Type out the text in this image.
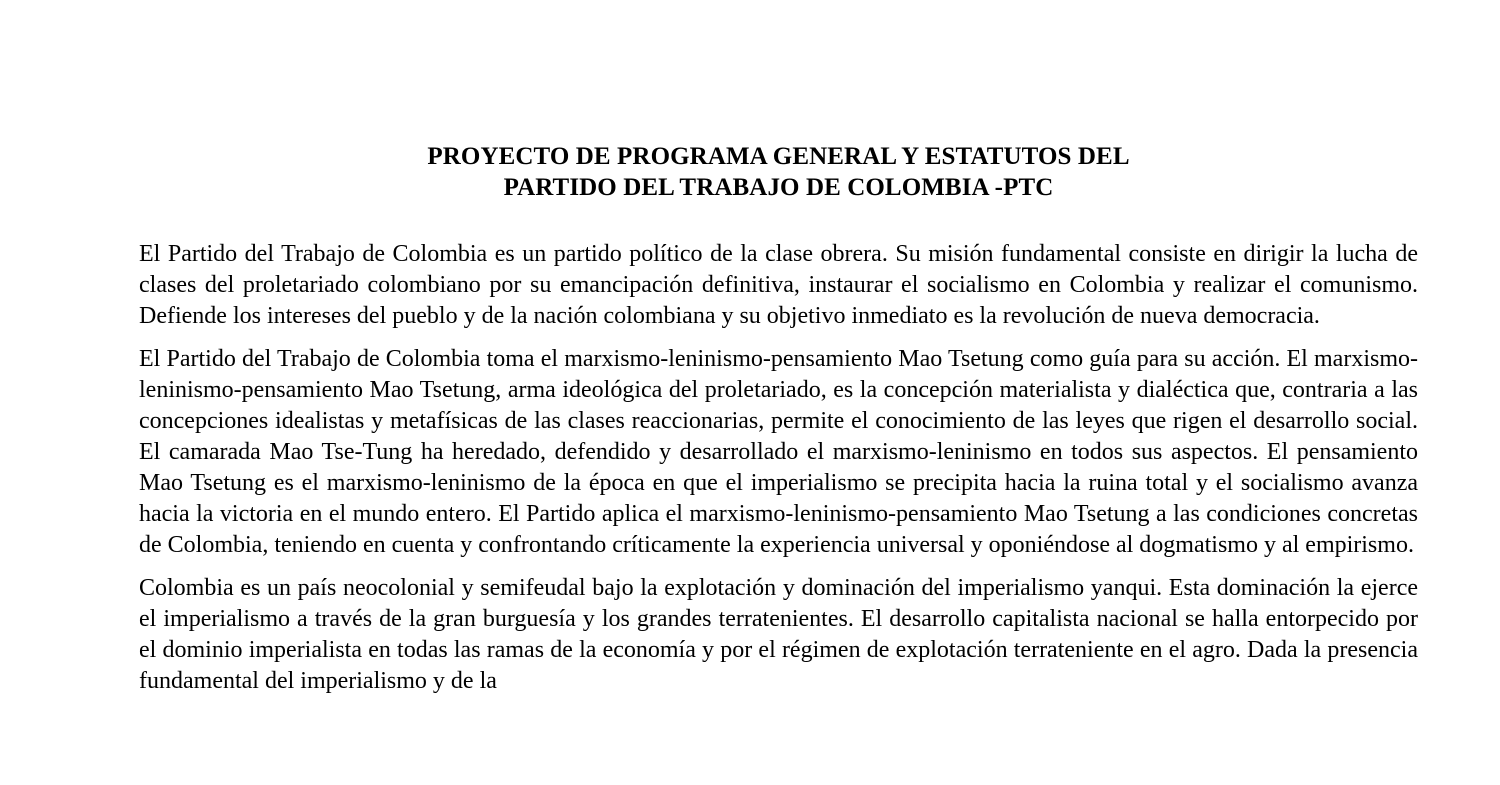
PROYECTO DE PROGRAMA GENERAL Y ESTATUTOS DEL
PARTIDO DEL TRABAJO DE COLOMBIA -PTC

El Partido del Trabajo de Colombia es un partido político de la clase obrera. Su misión fundamental consiste en dirigir la lucha de clases del proletariado colombiano por su emancipación definitiva, instaurar el socialismo en Colombia y realizar el comunismo. Defiende los intereses del pueblo y de la nación colombiana y su objetivo inmediato es la revolución de nueva democracia.

El Partido del Trabajo de Colombia toma el marxismo-leninismo-pensamiento Mao Tsetung como guía para su acción. El marxismo-leninismo-pensamiento Mao Tsetung, arma ideológica del proletariado, es la concepción materialista y dialéctica que, contraria a las concepciones idealistas y metafísicas de las clases reaccionarias, permite el conocimiento de las leyes que rigen el desarrollo social. El camarada Mao Tse-Tung ha heredado, defendido y desarrollado el marxismo-leninismo en todos sus aspectos. El pensamiento Mao Tsetung es el marxismo-leninismo de la época en que el imperialismo se precipita hacia la ruina total y el socialismo avanza hacia la victoria en el mundo entero. El Partido aplica el marxismo-leninismo-pensamiento Mao Tsetung a las condiciones concretas de Colombia, teniendo en cuenta y confrontando críticamente la experiencia universal y oponiéndose al dogmatismo y al empirismo.

Colombia es un país neocolonial y semifeudal bajo la explotación y dominación del imperialismo yanqui. Esta dominación la ejerce el imperialismo a través de la gran burguesía y los grandes terratenientes. El desarrollo capitalista nacional se halla entorpecido por el dominio imperialista en todas las ramas de la economía y por el régimen de explotación terrateniente en el agro. Dada la presencia fundamental del imperialismo y de la
